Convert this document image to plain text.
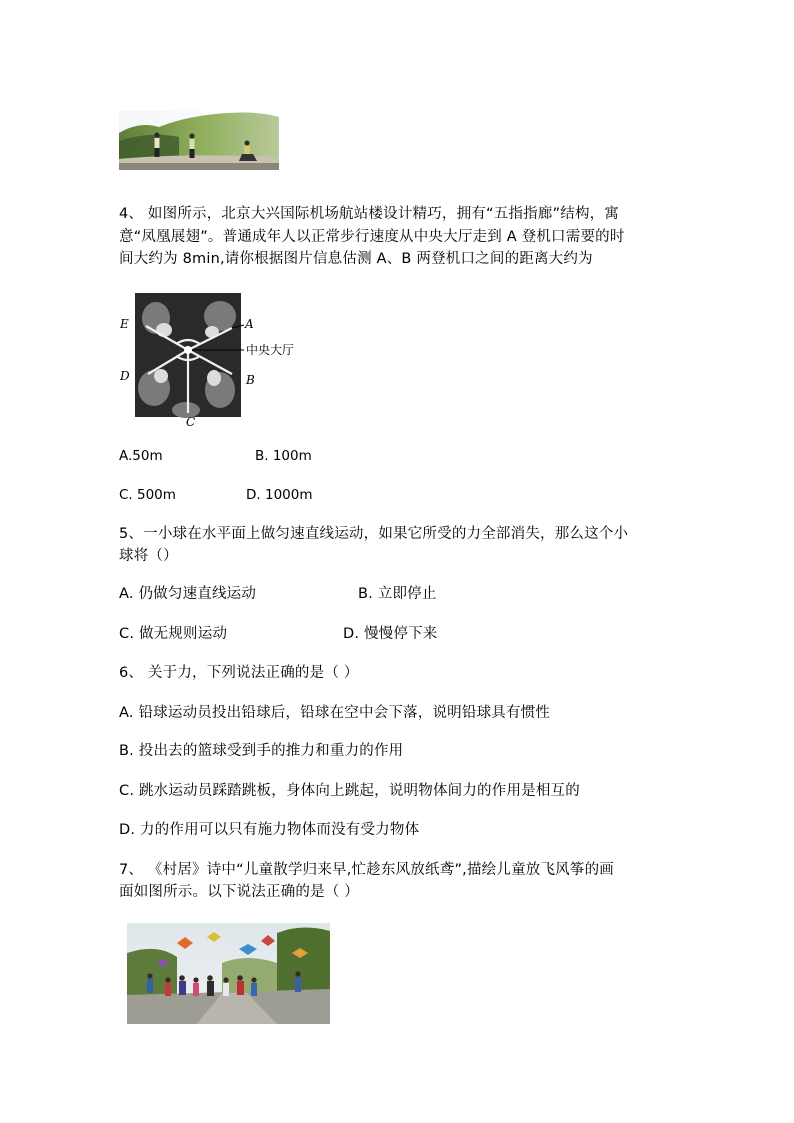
4、 如图所示，北京大兴国际机场航站楼设计精巧，拥有“五指指廊”结构，寓
意“凤凰展翅”。普通成年人以正常步行速度从中央大厅走到 A 登机口需要的时
间大约为 8min,请你根据图片信息估测 A、B 两登机口之间的距离大约为
E	A
中央大厅
D	B
C
A.50m	B. 100m
C. 500m	D. 1000m
5、一小球在水平面上做匀速直线运动，如果它所受的力全部消失，那么这个小
球将（）
A. 仍做匀速直线运动	B. 立即停止
C. 做无规则运动	D. 慢慢停下来
6、 关于力，下列说法正确的是（ ）
A. 铅球运动员投出铅球后，铅球在空中会下落，说明铅球具有惯性
B. 投出去的篮球受到手的推力和重力的作用
C. 跳水运动员踩踏跳板，身体向上跳起，说明物体间力的作用是相互的
D. 力的作用可以只有施力物体而没有受力物体
7、 《村居》诗中“儿童散学归来早,忙趁东风放纸鸢”,描绘儿童放飞风筝的画
面如图所示。以下说法正确的是（ ）
